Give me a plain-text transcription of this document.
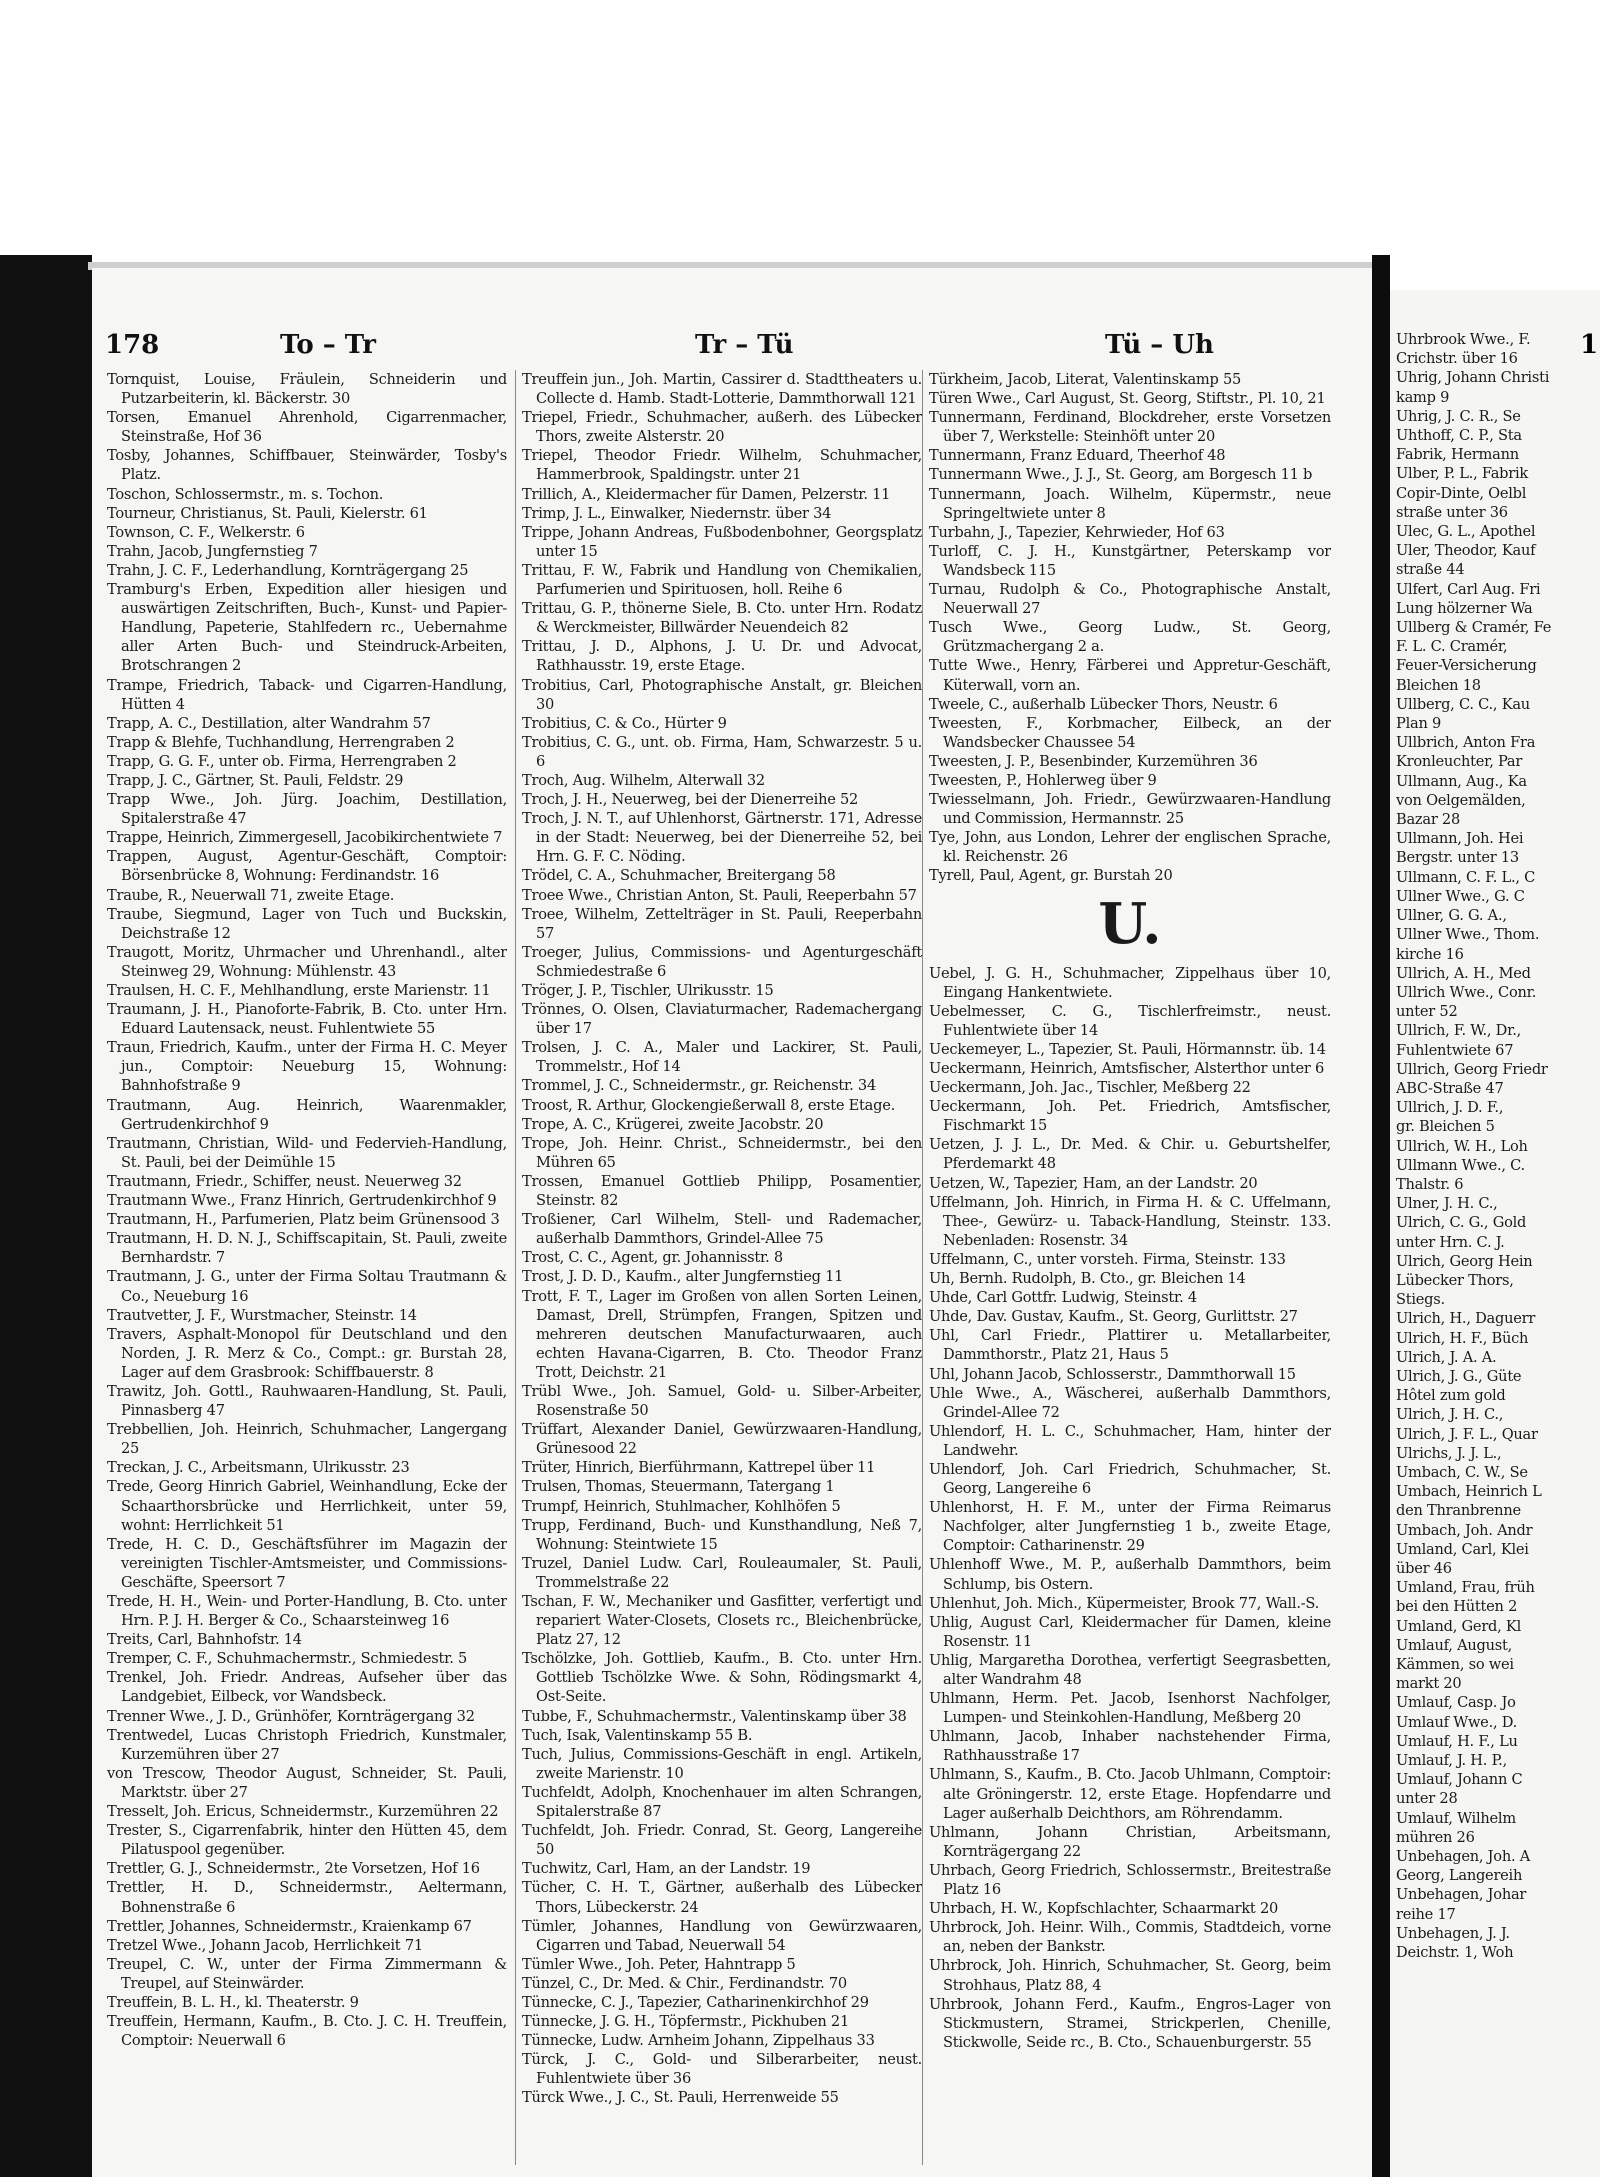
178	To – Tr	Tr – Tü	Tü – Uh

Tornquist, Louise, Fräulein, Schneiderin und Putzarbeiterin, kl. Bäckerstr. 30

Torsen, Emanuel Ahrenhold, Cigarrenmacher, Steinstraße, Hof 36

Tosby, Johannes, Schiffbauer, Steinwärder, Tosby's Platz.

Toschon, Schlossermstr., m. s. Tochon.

Tourneur, Christianus, St. Pauli, Kielerstr. 61

Townson, C. F., Welkerstr. 6

Trahn, Jacob, Jungfernstieg 7

Trahn, J. C. F., Lederhandlung, Kornträgergang 25

Tramburg's Erben, Expedition aller hiesigen und auswärtigen Zeitschriften, Buch-, Kunst- und Papier-Handlung, Papeterie, Stahlfedern rc., Uebernahme aller Arten Buch- und Steindruck-Arbeiten, Brotschrangen 2

Trampe, Friedrich, Taback- und Cigarren-Handlung, Hütten 4

Trapp, A. C., Destillation, alter Wandrahm 57

Trapp & Blehfe, Tuchhandlung, Herrengraben 2

Trapp, G. G. F., unter ob. Firma, Herrengraben 2

Trapp, J. C., Gärtner, St. Pauli, Feldstr. 29

Trapp Wwe., Joh. Jürg. Joachim, Destillation, Spitalerstraße 47

Trappe, Heinrich, Zimmergesell, Jacobikirchentwiete 7

Trappen, August, Agentur-Geschäft, Comptoir: Börsenbrücke 8, Wohnung: Ferdinandstr. 16

Traube, R., Neuerwall 71, zweite Etage.

Traube, Siegmund, Lager von Tuch und Buckskin, Deichstraße 12

Traugott, Moritz, Uhrmacher und Uhrenhandl., alter Steinweg 29, Wohnung: Mühlenstr. 43

Traulsen, H. C. F., Mehlhandlung, erste Marienstr. 11

Traumann, J. H., Pianoforte-Fabrik, B. Cto. unter Hrn. Eduard Lautensack, neust. Fuhlentwiete 55

Traun, Friedrich, Kaufm., unter der Firma H. C. Meyer jun., Comptoir: Neueburg 15, Wohnung: Bahnhofstraße 9

Trautmann, Aug. Heinrich, Waarenmakler, Gertrudenkirchhof 9

Trautmann, Christian, Wild- und Federvieh-Handlung, St. Pauli, bei der Deimühle 15

Trautmann, Friedr., Schiffer, neust. Neuerweg 32

Trautmann Wwe., Franz Hinrich, Gertrudenkirchhof 9

Trautmann, H., Parfumerien, Platz beim Grünensood 3

Trautmann, H. D. N. J., Schiffscapitain, St. Pauli, zweite Bernhardstr. 7

Trautmann, J. G., unter der Firma Soltau Trautmann & Co., Neueburg 16

Trautvetter, J. F., Wurstmacher, Steinstr. 14

Travers, Asphalt-Monopol für Deutschland und den Norden, J. R. Merz & Co., Compt.: gr. Burstah 28, Lager auf dem Grasbrook: Schiffbauerstr. 8

Trawitz, Joh. Gottl., Rauhwaaren-Handlung, St. Pauli, Pinnasberg 47

Trebbellien, Joh. Heinrich, Schuhmacher, Langergang 25

Treckan, J. C., Arbeitsmann, Ulrikusstr. 23

Trede, Georg Hinrich Gabriel, Weinhandlung, Ecke der Schaarthorsbrücke und Herrlichkeit, unter 59, wohnt: Herrlichkeit 51

Trede, H. C. D., Geschäftsführer im Magazin der vereinigten Tischler-Amtsmeister, und Commissions-Geschäfte, Speersort 7

Trede, H. H., Wein- und Porter-Handlung, B. Cto. unter Hrn. P. J. H. Berger & Co., Schaarsteinweg 16

Treits, Carl, Bahnhofstr. 14

Tremper, C. F., Schuhmachermstr., Schmiedestr. 5

Trenkel, Joh. Friedr. Andreas, Aufseher über das Landgebiet, Eilbeck, vor Wandsbeck.

Trenner Wwe., J. D., Grünhöfer, Kornträgergang 32

Trentwedel, Lucas Christoph Friedrich, Kunstmaler, Kurzemühren über 27

von Trescow, Theodor August, Schneider, St. Pauli, Marktstr. über 27

Tresselt, Joh. Ericus, Schneidermstr., Kurzemühren 22

Trester, S., Cigarrenfabrik, hinter den Hütten 45, dem Pilatuspool gegenüber.

Trettler, G. J., Schneidermstr., 2te Vorsetzen, Hof 16

Trettler, H. D., Schneidermstr., Aeltermann, Bohnenstraße 6

Trettler, Johannes, Schneidermstr., Kraienkamp 67

Tretzel Wwe., Johann Jacob, Herrlichkeit 71

Treupel, C. W., unter der Firma Zimmermann & Treupel, auf Steinwärder.

Treuffein, B. L. H., kl. Theaterstr. 9

Treuffein, Hermann, Kaufm., B. Cto. J. C. H. Treuffein, Comptoir: Neuerwall 6

Treuffein jun., Joh. Martin, Cassirer d. Stadttheaters u. Collecte d. Hamb. Stadt-Lotterie, Dammthorwall 121

Triepel, Friedr., Schuhmacher, außerh. des Lübecker Thors, zweite Alsterstr. 20

Triepel, Theodor Friedr. Wilhelm, Schuhmacher, Hammerbrook, Spaldingstr. unter 21

Trillich, A., Kleidermacher für Damen, Pelzerstr. 11

Trimp, J. L., Einwalker, Niedernstr. über 34

Trippe, Johann Andreas, Fußbodenbohner, Georgsplatz unter 15

Trittau, F. W., Fabrik und Handlung von Chemikalien, Parfumerien und Spirituosen, holl. Reihe 6

Trittau, G. P., thönerne Siele, B. Cto. unter Hrn. Rodatz & Werckmeister, Billwärder Neuendeich 82

Trittau, J. D., Alphons, J. U. Dr. und Advocat, Rathhausstr. 19, erste Etage.

Trobitius, Carl, Photographische Anstalt, gr. Bleichen 30

Trobitius, C. & Co., Hürter 9

Trobitius, C. G., unt. ob. Firma, Ham, Schwarzestr. 5 u. 6

Troch, Aug. Wilhelm, Alterwall 32

Troch, J. H., Neuerweg, bei der Dienerreihe 52

Troch, J. N. T., auf Uhlenhorst, Gärtnerstr. 171, Adresse in der Stadt: Neuerweg, bei der Dienerreihe 52, bei Hrn. G. F. C. Nöding.

Trödel, C. A., Schuhmacher, Breitergang 58

Troee Wwe., Christian Anton, St. Pauli, Reeperbahn 57

Troee, Wilhelm, Zettelträger in St. Pauli, Reeperbahn 57

Troeger, Julius, Commissions- und Agenturgeschäft Schmiedestraße 6

Tröger, J. P., Tischler, Ulrikusstr. 15

Trönnes, O. Olsen, Claviaturmacher, Rademachergang über 17

Trolsen, J. C. A., Maler und Lackirer, St. Pauli, Trommelstr., Hof 14

Trommel, J. C., Schneidermstr., gr. Reichenstr. 34

Troost, R. Arthur, Glockengießerwall 8, erste Etage.

Trope, A. C., Krügerei, zweite Jacobstr. 20

Trope, Joh. Heinr. Christ., Schneidermstr., bei den Mühren 65

Trossen, Emanuel Gottlieb Philipp, Posamentier, Steinstr. 82

Troßiener, Carl Wilhelm, Stell- und Rademacher, außerhalb Dammthors, Grindel-Allee 75

Trost, C. C., Agent, gr. Johannisstr. 8

Trost, J. D. D., Kaufm., alter Jungfernstieg 11

Trott, F. T., Lager im Großen von allen Sorten Leinen, Damast, Drell, Strümpfen, Frangen, Spitzen und mehreren deutschen Manufacturwaaren, auch echten Havana-Cigarren, B. Cto. Theodor Franz Trott, Deichstr. 21

Trübl Wwe., Joh. Samuel, Gold- u. Silber-Arbeiter, Rosenstraße 50

Trüffart, Alexander Daniel, Gewürzwaaren-Handlung, Grünesood 22

Trüter, Hinrich, Bierführmann, Kattrepel über 11

Trulsen, Thomas, Steuermann, Tatergang 1

Trumpf, Heinrich, Stuhlmacher, Kohlhöfen 5

Trupp, Ferdinand, Buch- und Kunsthandlung, Neß 7, Wohnung: Steintwiete 15

Truzel, Daniel Ludw. Carl, Rouleaumaler, St. Pauli, Trommelstraße 22

Tschan, F. W., Mechaniker und Gasfitter, verfertigt und repariert Water-Closets, Closets rc., Bleichenbrücke, Platz 27, 12

Tschölzke, Joh. Gottlieb, Kaufm., B. Cto. unter Hrn. Gottlieb Tschölzke Wwe. & Sohn, Rödingsmarkt 4, Ost-Seite.

Tubbe, F., Schuhmachermstr., Valentinskamp über 38

Tuch, Isak, Valentinskamp 55 B.

Tuch, Julius, Commissions-Geschäft in engl. Artikeln, zweite Marienstr. 10

Tuchfeldt, Adolph, Knochenhauer im alten Schrangen, Spitalerstraße 87

Tuchfeldt, Joh. Friedr. Conrad, St. Georg, Langereihe 50

Tuchwitz, Carl, Ham, an der Landstr. 19

Tücher, C. H. T., Gärtner, außerhalb des Lübecker Thors, Lübeckerstr. 24

Tümler, Johannes, Handlung von Gewürzwaaren, Cigarren und Tabad, Neuerwall 54

Tümler Wwe., Joh. Peter, Hahntrapp 5

Tünzel, C., Dr. Med. & Chir., Ferdinandstr. 70

Tünnecke, C. J., Tapezier, Catharinenkirchhof 29

Tünnecke, J. G. H., Töpfermstr., Pickhuben 21

Tünnecke, Ludw. Arnheim Johann, Zippelhaus 33

Türck, J. C., Gold- und Silberarbeiter, neust. Fuhlentwiete über 36

Türck Wwe., J. C., St. Pauli, Herrenweide 55

Türkheim, Jacob, Literat, Valentinskamp 55

Türen Wwe., Carl August, St. Georg, Stiftstr., Pl. 10, 21

Tunnermann, Ferdinand, Blockdreher, erste Vorsetzen über 7, Werkstelle: Steinhöft unter 20

Tunnermann, Franz Eduard, Theerhof 48

Tunnermann Wwe., J. J., St. Georg, am Borgesch 11 b

Tunnermann, Joach. Wilhelm, Küpermstr., neue Springeltwiete unter 8

Turbahn, J., Tapezier, Kehrwieder, Hof 63

Turloff, C. J. H., Kunstgärtner, Peterskamp vor Wandsbeck 115

Turnau, Rudolph & Co., Photographische Anstalt, Neuerwall 27

Tusch Wwe., Georg Ludw., St. Georg, Grützmachergang 2 a.

Tutte Wwe., Henry, Färberei und Appretur-Geschäft, Küterwall, vorn an.

Tweele, C., außerhalb Lübecker Thors, Neustr. 6

Tweesten, F., Korbmacher, Eilbeck, an der Wandsbecker Chaussee 54

Tweesten, J. P., Besenbinder, Kurzemühren 36

Tweesten, P., Hohlerweg über 9

Twiesselmann, Joh. Friedr., Gewürzwaaren-Handlung und Commission, Hermannstr. 25

Tye, John, aus London, Lehrer der englischen Sprache, kl. Reichenstr. 26

Tyrell, Paul, Agent, gr. Burstah 20

U.

Uebel, J. G. H., Schuhmacher, Zippelhaus über 10, Eingang Hankentwiete.

Uebelmesser, C. G., Tischlerfreimstr., neust. Fuhlentwiete über 14

Ueckemeyer, L., Tapezier, St. Pauli, Hörmannstr. üb. 14

Ueckermann, Heinrich, Amtsfischer, Alsterthor unter 6

Ueckermann, Joh. Jac., Tischler, Meßberg 22

Ueckermann, Joh. Pet. Friedrich, Amtsfischer, Fischmarkt 15

Uetzen, J. J. L., Dr. Med. & Chir. u. Geburtshelfer, Pferdemarkt 48

Uetzen, W., Tapezier, Ham, an der Landstr. 20

Uffelmann, Joh. Hinrich, in Firma H. & C. Uffelmann, Thee-, Gewürz- u. Taback-Handlung, Steinstr. 133. Nebenladen: Rosenstr. 34

Uffelmann, C., unter vorsteh. Firma, Steinstr. 133

Uh, Bernh. Rudolph, B. Cto., gr. Bleichen 14

Uhde, Carl Gottfr. Ludwig, Steinstr. 4

Uhde, Dav. Gustav, Kaufm., St. Georg, Gurlittstr. 27

Uhl, Carl Friedr., Plattirer u. Metallarbeiter, Dammthorstr., Platz 21, Haus 5

Uhl, Johann Jacob, Schlosserstr., Dammthorwall 15

Uhle Wwe., A., Wäscherei, außerhalb Dammthors, Grindel-Allee 72

Uhlendorf, H. L. C., Schuhmacher, Ham, hinter der Landwehr.

Uhlendorf, Joh. Carl Friedrich, Schuhmacher, St. Georg, Langereihe 6

Uhlenhorst, H. F. M., unter der Firma Reimarus Nachfolger, alter Jungfernstieg 1 b., zweite Etage, Comptoir: Catharinenstr. 29

Uhlenhoff Wwe., M. P., außerhalb Dammthors, beim Schlump, bis Ostern.

Uhlenhut, Joh. Mich., Küpermeister, Brook 77, Wall.-S.

Uhlig, August Carl, Kleidermacher für Damen, kleine Rosenstr. 11

Uhlig, Margaretha Dorothea, verfertigt Seegrasbetten, alter Wandrahm 48

Uhlmann, Herm. Pet. Jacob, Isenhorst Nachfolger, Lumpen- und Steinkohlen-Handlung, Meßberg 20

Uhlmann, Jacob, Inhaber nachstehender Firma, Rathhausstraße 17

Uhlmann, S., Kaufm., B. Cto. Jacob Uhlmann, Comptoir: alte Gröningerstr. 12, erste Etage. Hopfendarre und Lager außerhalb Deichthors, am Röhrendamm.

Uhlmann, Johann Christian, Arbeitsmann, Kornträgergang 22

Uhrbach, Georg Friedrich, Schlossermstr., Breitestraße Platz 16

Uhrbach, H. W., Kopfschlachter, Schaarmarkt 20

Uhrbrock, Joh. Heinr. Wilh., Commis, Stadtdeich, vorne an, neben der Bankstr.

Uhrbrock, Joh. Hinrich, Schuhmacher, St. Georg, beim Strohhaus, Platz 88, 4

Uhrbrook, Johann Ferd., Kaufm., Engros-Lager von Stickmustern, Stramei, Strickperlen, Chenille, Stickwolle, Seide rc., B. Cto., Schauenburgerstr. 55

1
Uhrbrook Wwe., F.
Crichstr. über 16
Uhrig, Johann Christi
kamp 9
Uhrig, J. C. R., Se
Uhthoff, C. P., Sta
Fabrik, Hermann
Ulber, P. L., Fabrik
Copir-Dinte, Oelbl
straße unter 36
Ulec, G. L., Apothel
Uler, Theodor, Kauf
straße 44
Ulfert, Carl Aug. Fri
Lung hölzerner Wa
Ullberg & Cramér, Fe
F. L. C. Cramér,
Feuer-Versicherung
Bleichen 18
Ullberg, C. C., Kau
Plan 9
Ullbrich, Anton Fra
Kronleuchter, Par
Ullmann, Aug., Ka
von Oelgemälden,
Bazar 28
Ullmann, Joh. Hei
Bergstr. unter 13
Ullmann, C. F. L., C
Ullner Wwe., G. C
Ullner, G. G. A.,
Ullner Wwe., Thom.
kirche 16
Ullrich, A. H., Med
Ullrich Wwe., Conr.
unter 52
Ullrich, F. W., Dr.,
Fuhlentwiete 67
Ullrich, Georg Friedr
ABC-Straße 47
Ullrich, J. D. F.,
gr. Bleichen 5
Ullrich, W. H., Loh
Ullmann Wwe., C.
Thalstr. 6
Ulner, J. H. C.,
Ulrich, C. G., Gold
unter Hrn. C. J.
Ulrich, Georg Hein
Lübecker Thors,
Stiegs.
Ulrich, H., Daguerr
Ulrich, H. F., Büch
Ulrich, J. A. A.
Ulrich, J. G., Güte
Hôtel zum gold
Ulrich, J. H. C.,
Ulrich, J. F. L., Quar
Ulrichs, J. J. L.,
Umbach, C. W., Se
Umbach, Heinrich L
den Thranbrenne
Umbach, Joh. Andr
Umland, Carl, Klei
über 46
Umland, Frau, früh
bei den Hütten 2
Umland, Gerd, Kl
Umlauf, August,
Kämmen, so wei
markt 20
Umlauf, Casp. Jo
Umlauf Wwe., D.
Umlauf, H. F., Lu
Umlauf, J. H. P.,
Umlauf, Johann C
unter 28
Umlauf, Wilhelm
mühren 26
Unbehagen, Joh. A
Georg, Langereih
Unbehagen, Johar
reihe 17
Unbehagen, J. J.
Deichstr. 1, Woh
